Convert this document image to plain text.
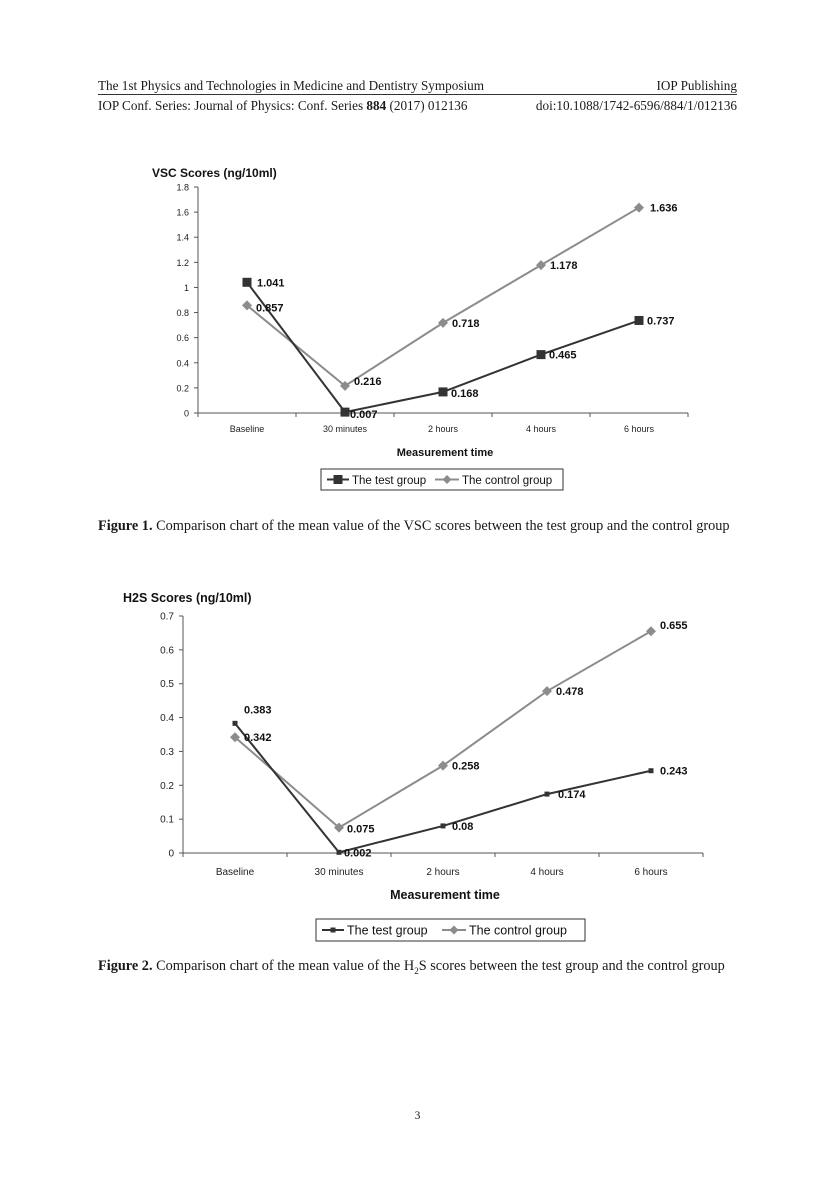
The 1st Physics and Technologies in Medicine and Dentistry Symposium	IOP Publishing
IOP Conf. Series: Journal of Physics: Conf. Series 884 (2017) 012136	doi:10.1088/1742-6596/884/1/012136
VSC Scores (ng/10ml)
0
0.2
0.4
0.6
0.8
1
1.2
1.4
1.6
1.8
Baseline	30 minutes	2 hours	4 hours	6 hours
Measurement time
1.041
0.007
0.168
0.465
0.737
0.857
0.216
0.718
1.178
1.636
The test group	The control group
Figure 1. Comparison chart of the mean value of the VSC scores between the test group and the control group
H2S Scores (ng/10ml)
0
0.1
0.2
0.3
0.4
0.5
0.6
0.7
Baseline	30 minutes	2 hours	4 hours	6 hours
Measurement time
0.383
0.002
0.08
0.174
0.243
0.342
0.075
0.258
0.478
0.655
The test group	The control group
Figure 2. Comparison chart of the mean value of the $H_2S$ scores between the test group and the control group
3
